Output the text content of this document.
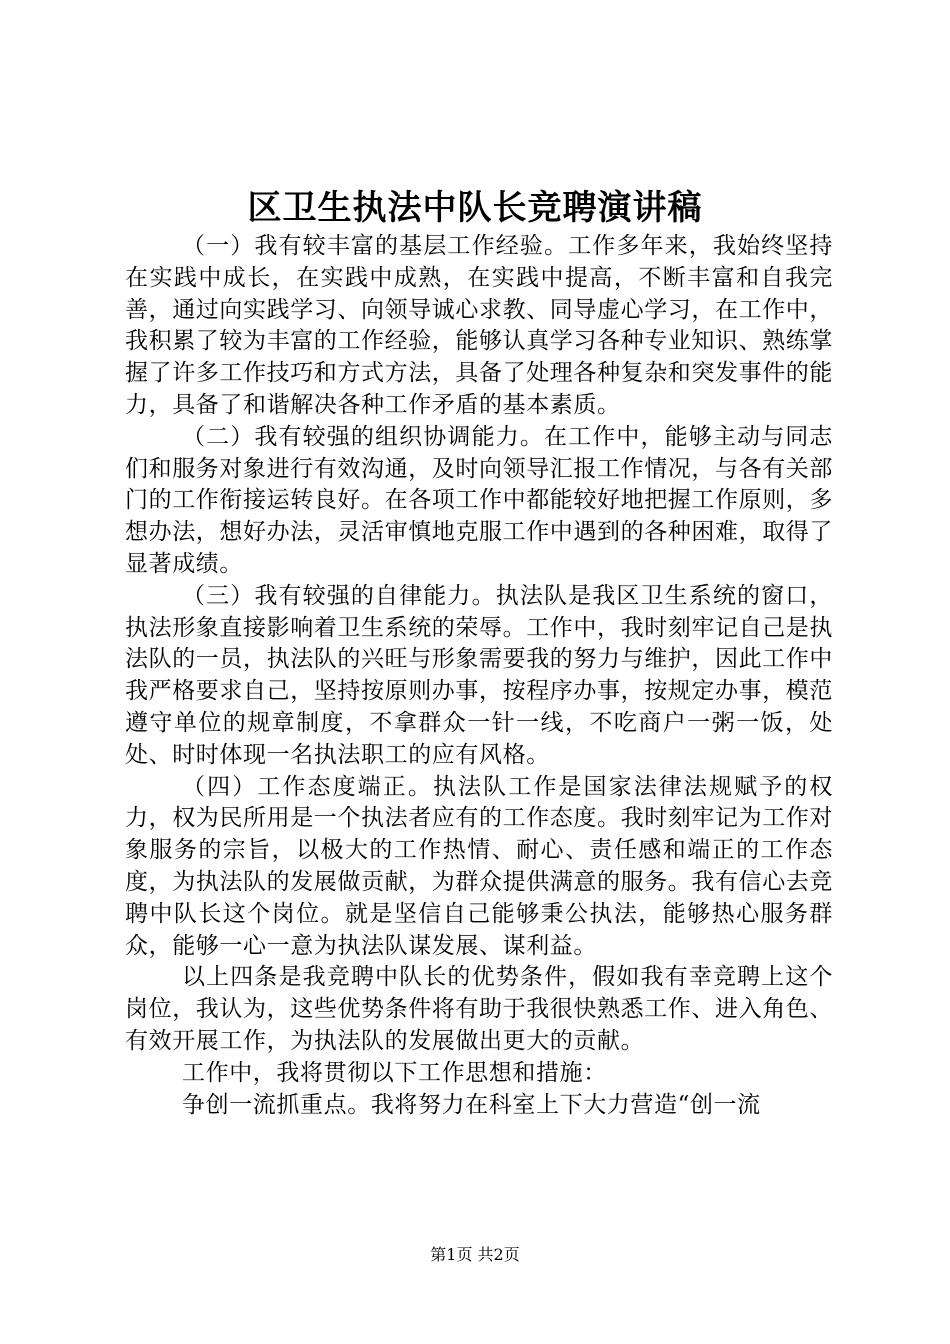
区卫生执法中队长竞聘演讲稿

（一）我有较丰富的基层工作经验。工作多年来，我始终坚持在实践中成长，在实践中成熟，在实践中提高，不断丰富和自我完善，通过向实践学习、向领导诚心求教、同导虚心学习，在工作中，我积累了较为丰富的工作经验，能够认真学习各种专业知识、熟练掌握了许多工作技巧和方式方法，具备了处理各种复杂和突发事件的能力，具备了和谐解决各种工作矛盾的基本素质。

（二）我有较强的组织协调能力。在工作中，能够主动与同志们和服务对象进行有效沟通，及时向领导汇报工作情况，与各有关部门的工作衔接运转良好。在各项工作中都能较好地把握工作原则，多想办法，想好办法，灵活审慎地克服工作中遇到的各种困难，取得了显著成绩。

（三）我有较强的自律能力。执法队是我区卫生系统的窗口，执法形象直接影响着卫生系统的荣辱。工作中，我时刻牢记自己是执法队的一员，执法队的兴旺与形象需要我的努力与维护，因此工作中我严格要求自己，坚持按原则办事，按程序办事，按规定办事，模范遵守单位的规章制度，不拿群众一针一线，不吃商户一粥一饭，处处、时时体现一名执法职工的应有风格。

（四）工作态度端正。执法队工作是国家法律法规赋予的权力，权为民所用是一个执法者应有的工作态度。我时刻牢记为工作对象服务的宗旨，以极大的工作热情、耐心、责任感和端正的工作态度，为执法队的发展做贡献，为群众提供满意的服务。我有信心去竞聘中队长这个岗位。就是坚信自己能够秉公执法，能够热心服务群众，能够一心一意为执法队谋发展、谋利益。

以上四条是我竞聘中队长的优势条件，假如我有幸竞聘上这个岗位，我认为，这些优势条件将有助于我很快熟悉工作、进入角色、有效开展工作，为执法队的发展做出更大的贡献。

工作中，我将贯彻以下工作思想和措施：

争创一流抓重点。我将努力在科室上下大力营造“创一流

第1页 共2页
